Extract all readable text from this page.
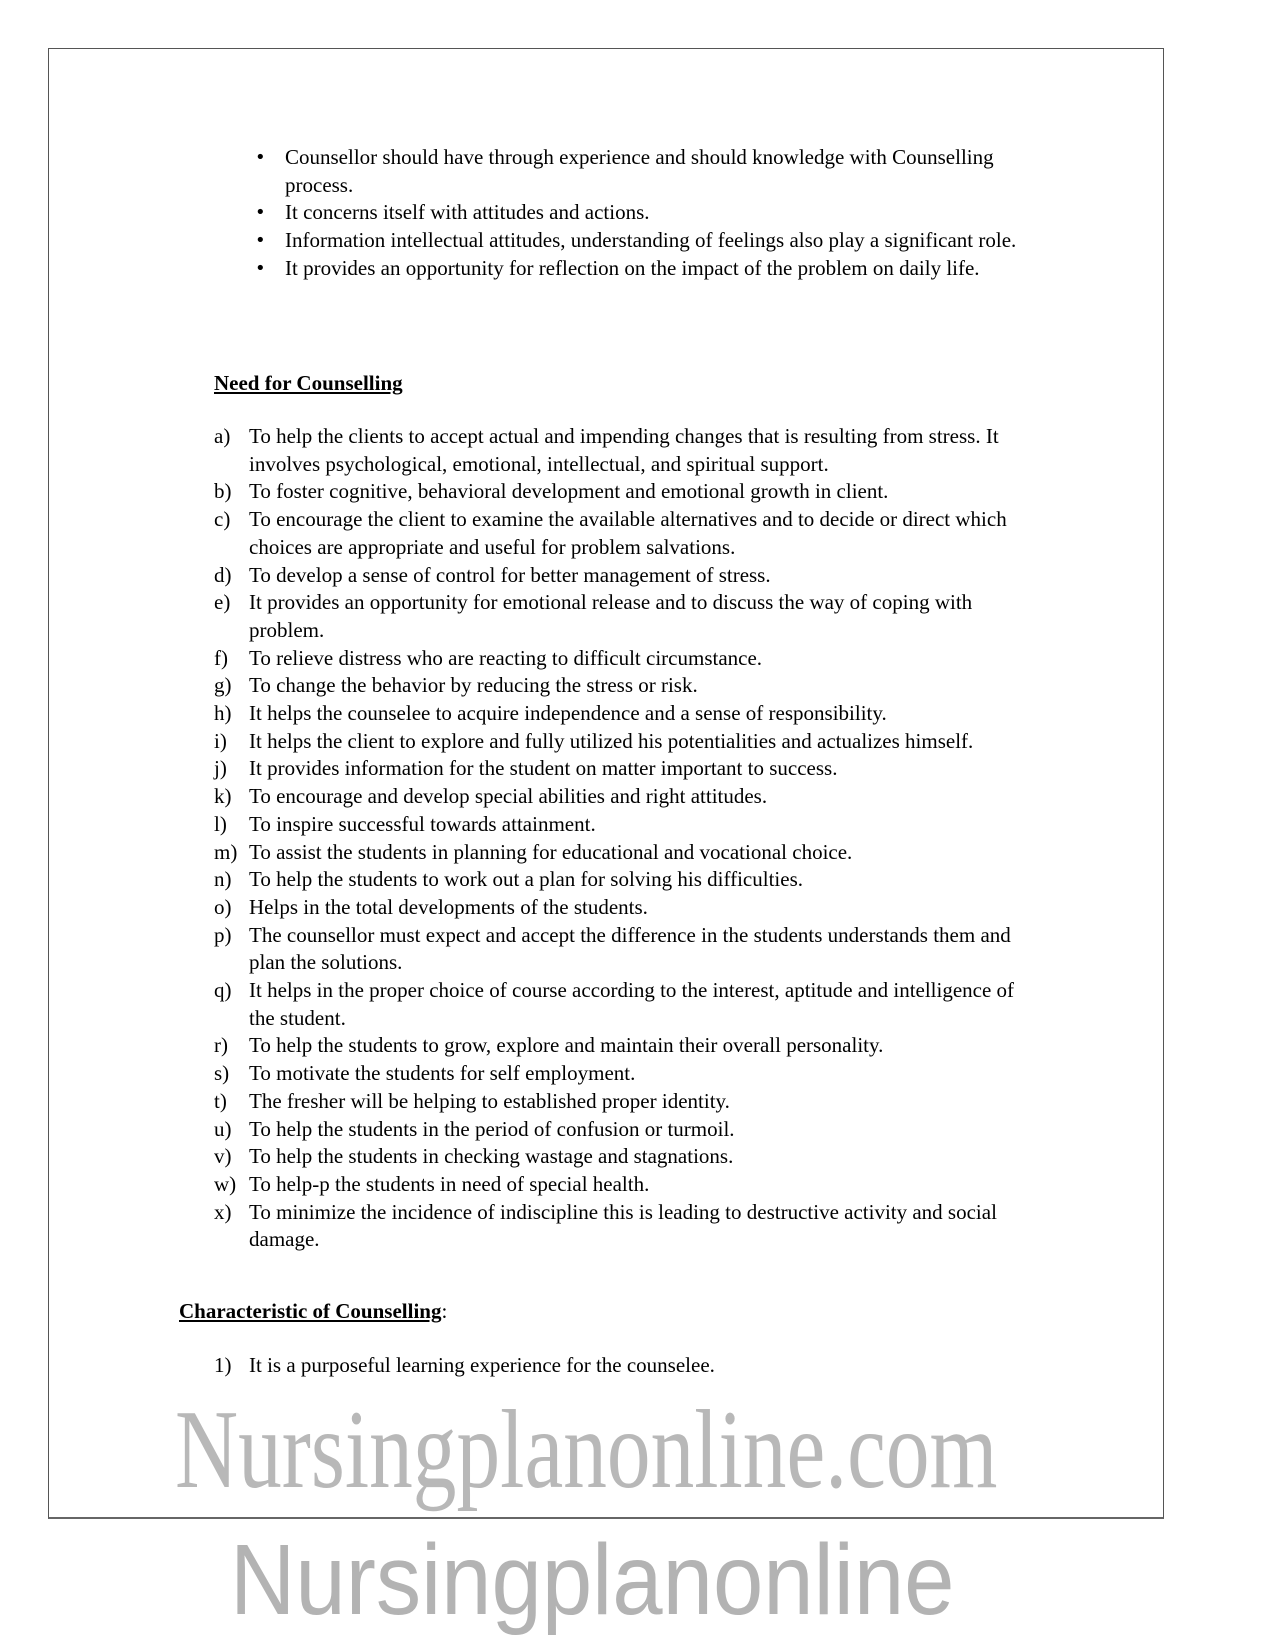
Nursingplanonline.com
• Counsellor should have through experience and should knowledge with Counselling process.
• It concerns itself with attitudes and actions.
• Information intellectual attitudes, understanding of feelings also play a significant role.
• It provides an opportunity for reflection on the impact of the problem on daily life.
Need for Counselling
a) To help the clients to accept actual and impending changes that is resulting from stress. It involves psychological, emotional, intellectual, and spiritual support.
b) To foster cognitive, behavioral development and emotional growth in client.
c) To encourage the client to examine the available alternatives and to decide or direct which choices are appropriate and useful for problem salvations.
d) To develop a sense of control for better management of stress.
e) It provides an opportunity for emotional release and to discuss the way of coping with problem.
f) To relieve distress who are reacting to difficult circumstance.
g) To change the behavior by reducing the stress or risk.
h) It helps the counselee to acquire independence and a sense of responsibility.
i) It helps the client to explore and fully utilized his potentialities and actualizes himself.
j) It provides information for the student on matter important to success.
k) To encourage and develop special abilities and right attitudes.
l) To inspire successful towards attainment.
m) To assist the students in planning for educational and vocational choice.
n) To help the students to work out a plan for solving his difficulties.
o) Helps in the total developments of the students.
p) The counsellor must expect and accept the difference in the students understands them and plan the solutions.
q) It helps in the proper choice of course according to the interest, aptitude and intelligence of the student.
r) To help the students to grow, explore and maintain their overall personality.
s) To motivate the students for self employment.
t) The fresher will be helping to established proper identity.
u) To help the students in the period of confusion or turmoil.
v) To help the students in checking wastage and stagnations.
w) To help-p the students in need of special health.
x) To minimize the incidence of indiscipline this is leading to destructive activity and social damage.
Characteristic of Counselling:
1) It is a purposeful learning experience for the counselee.
Nursingplanonline
